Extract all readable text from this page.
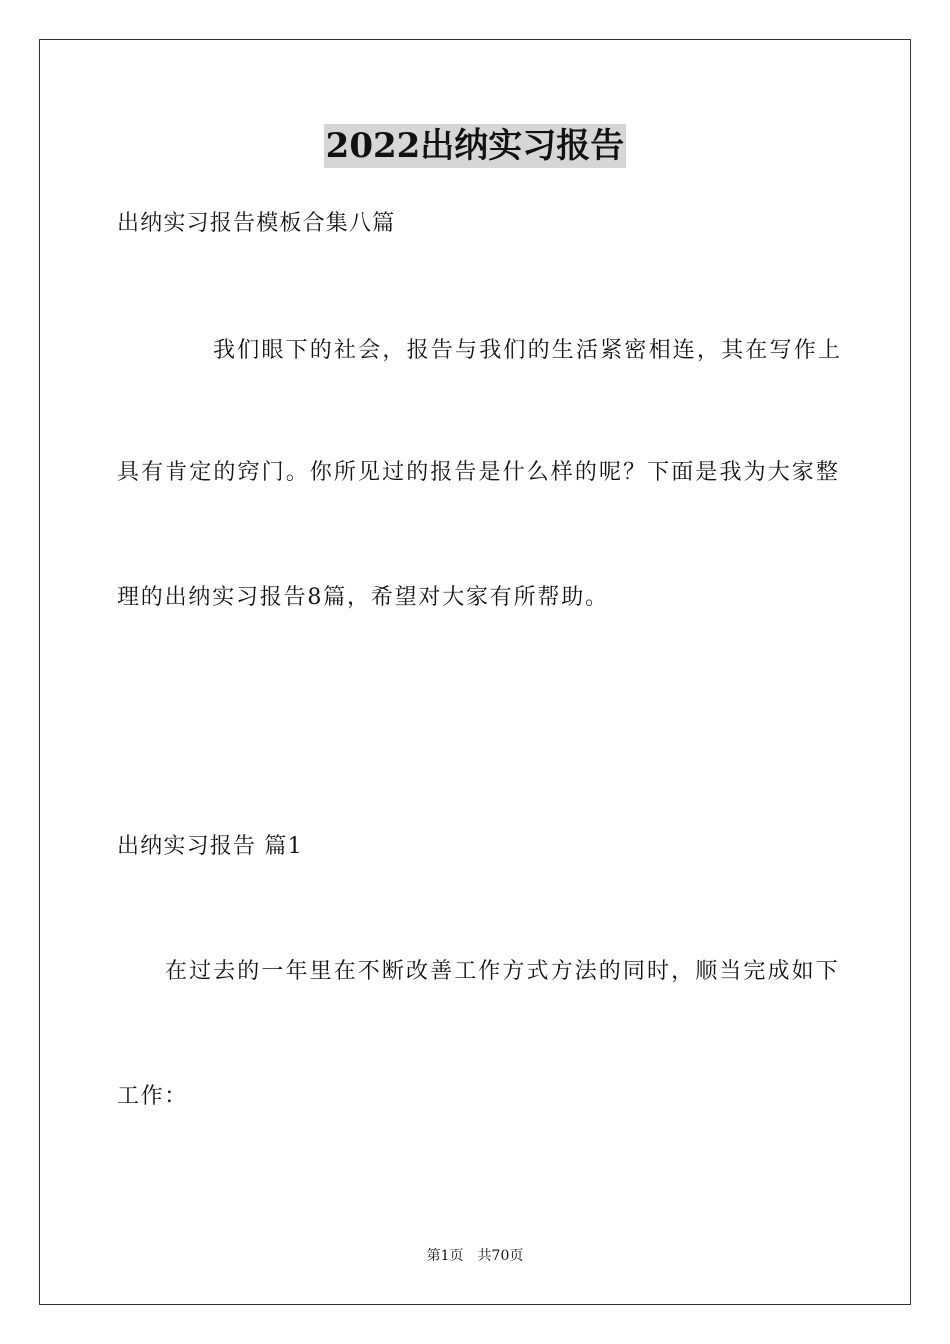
2022出纳实习报告
出纳实习报告模板合集八篇
我们眼下的社会，报告与我们的生活紧密相连，其在写作上
具有肯定的窍门。你所见过的报告是什么样的呢？下面是我为大家整
理的出纳实习报告8篇，希望对大家有所帮助。
出纳实习报告 篇1
在过去的一年里在不断改善工作方式方法的同时，顺当完成如下
工作：
第1页 共70页
